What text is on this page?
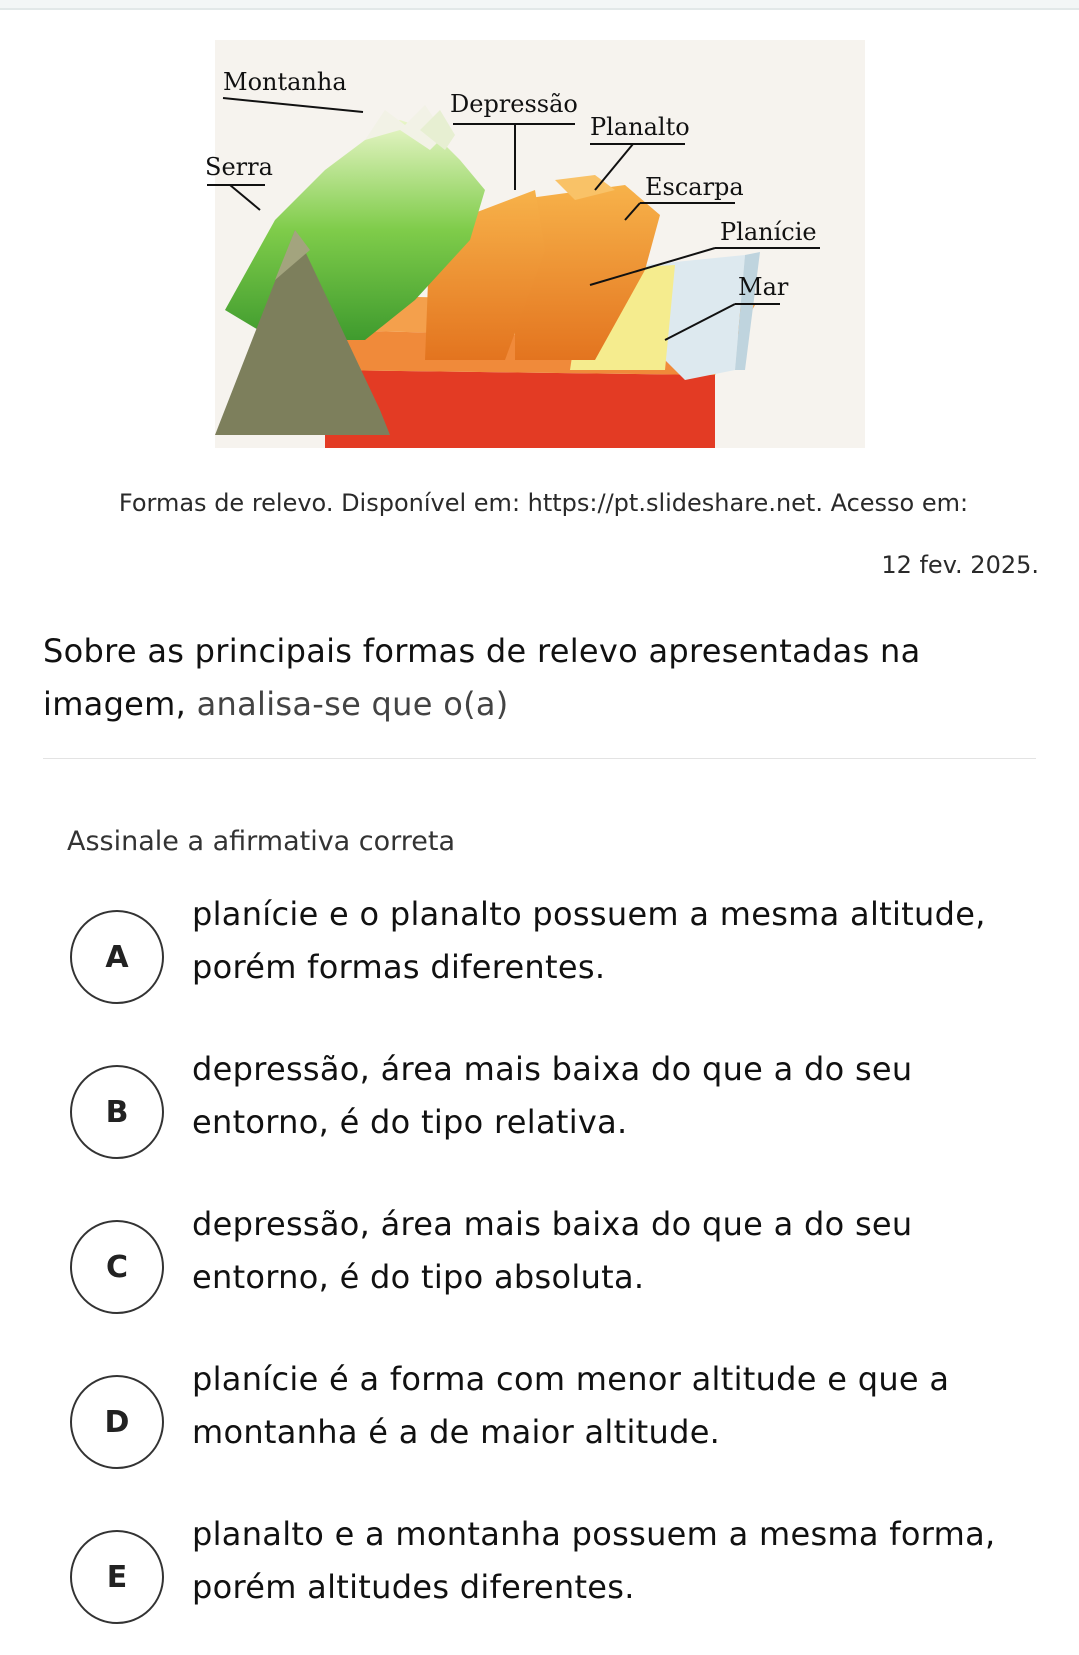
Montanha
Depressão
Planalto
Serra
Escarpa
Planície
Mar
Formas de relevo. Disponível em: https://pt.slideshare.net. Acesso em:
12 fev. 2025.
Sobre as principais formas de relevo apresentadas na imagem, analisa-se que o(a)
Assinale a afirmativa correta
A
planície e o planalto possuem a mesma altitude, porém formas diferentes.
B
depressão, área mais baixa do que a do seu entorno, é do tipo relativa.
C
depressão, área mais baixa do que a do seu entorno, é do tipo absoluta.
D
planície é a forma com menor altitude e que a montanha é a de maior altitude.
E
planalto e a montanha possuem a mesma forma, porém altitudes diferentes.
